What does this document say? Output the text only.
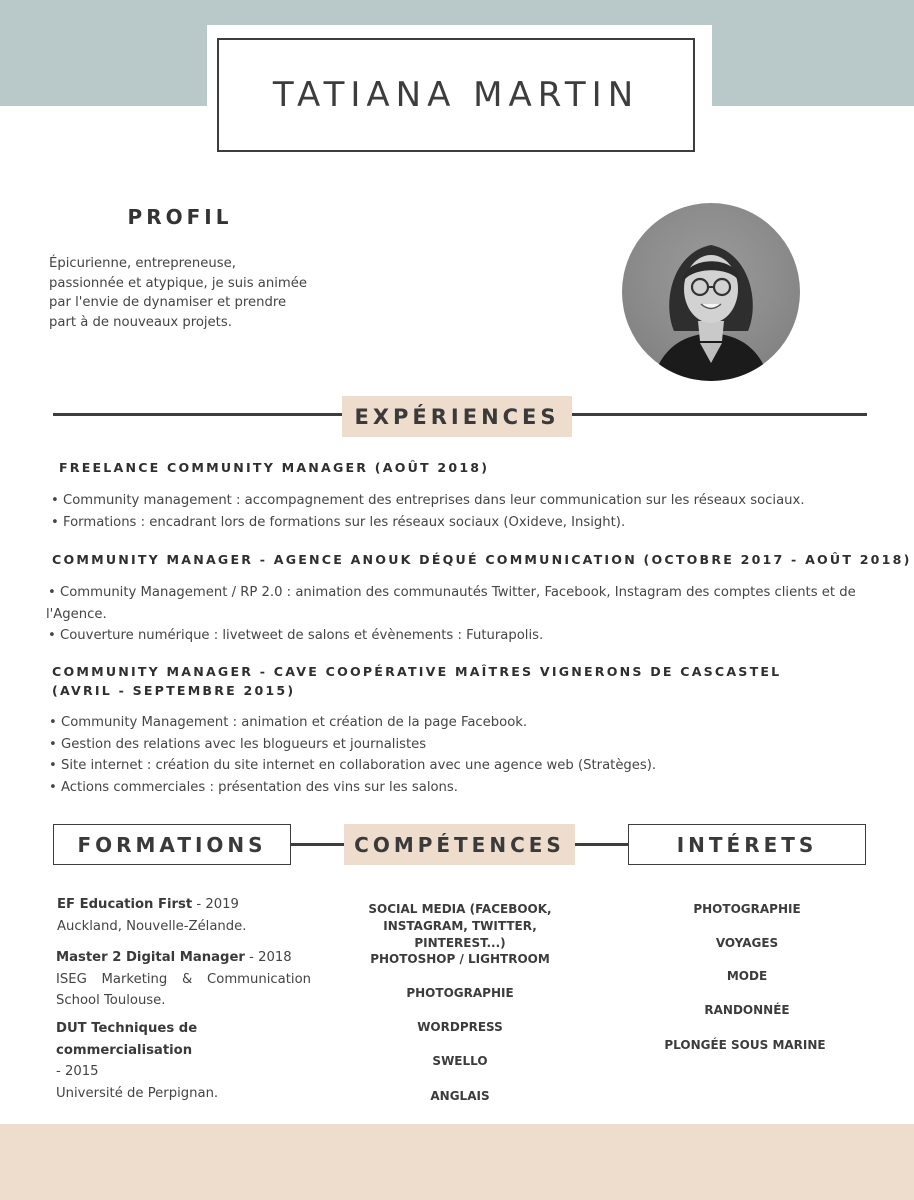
TATIANA MARTIN
PROFIL
Épicurienne, entrepreneuse, passionnée et atypique, je suis animée par l'envie de dynamiser et prendre part à de nouveaux projets.
EXPÉRIENCES
FREELANCE COMMUNITY MANAGER (AOÛT 2018)
• Community management : accompagnement des entreprises dans leur communication sur les réseaux sociaux.
• Formations : encadrant lors de formations sur les réseaux sociaux (Oxideve, Insight).
COMMUNITY MANAGER - AGENCE ANOUK DÉQUÉ COMMUNICATION (OCTOBRE 2017 - AOÛT 2018)
• Community Management / RP 2.0 : animation des communautés Twitter, Facebook, Instagram des comptes clients et de l'Agence.
• Couverture numérique : livetweet de salons et évènements : Futurapolis.
COMMUNITY MANAGER - CAVE COOPÉRATIVE MAÎTRES VIGNERONS DE CASCASTEL
(AVRIL - SEPTEMBRE 2015)
• Community Management : animation et création de la page Facebook.
• Gestion des relations avec les blogueurs et journalistes
• Site internet : création du site internet en collaboration avec une agence web (Stratèges).
• Actions commerciales : présentation des vins sur les salons.
FORMATIONS	COMPÉTENCES	INTÉRETS
EF Education First - 2019
Auckland, Nouvelle-Zélande.
Master 2 Digital Manager - 2018
ISEG Marketing & Communication School Toulouse.
DUT Techniques de commercialisation
- 2015
Université de Perpignan.
SOCIAL MEDIA (FACEBOOK, INSTAGRAM, TWITTER, PINTEREST...)
PHOTOSHOP / LIGHTROOM
PHOTOGRAPHIE
WORDPRESS
SWELLO
ANGLAIS
PHOTOGRAPHIE
VOYAGES
MODE
RANDONNÉE
PLONGÉE SOUS MARINE
